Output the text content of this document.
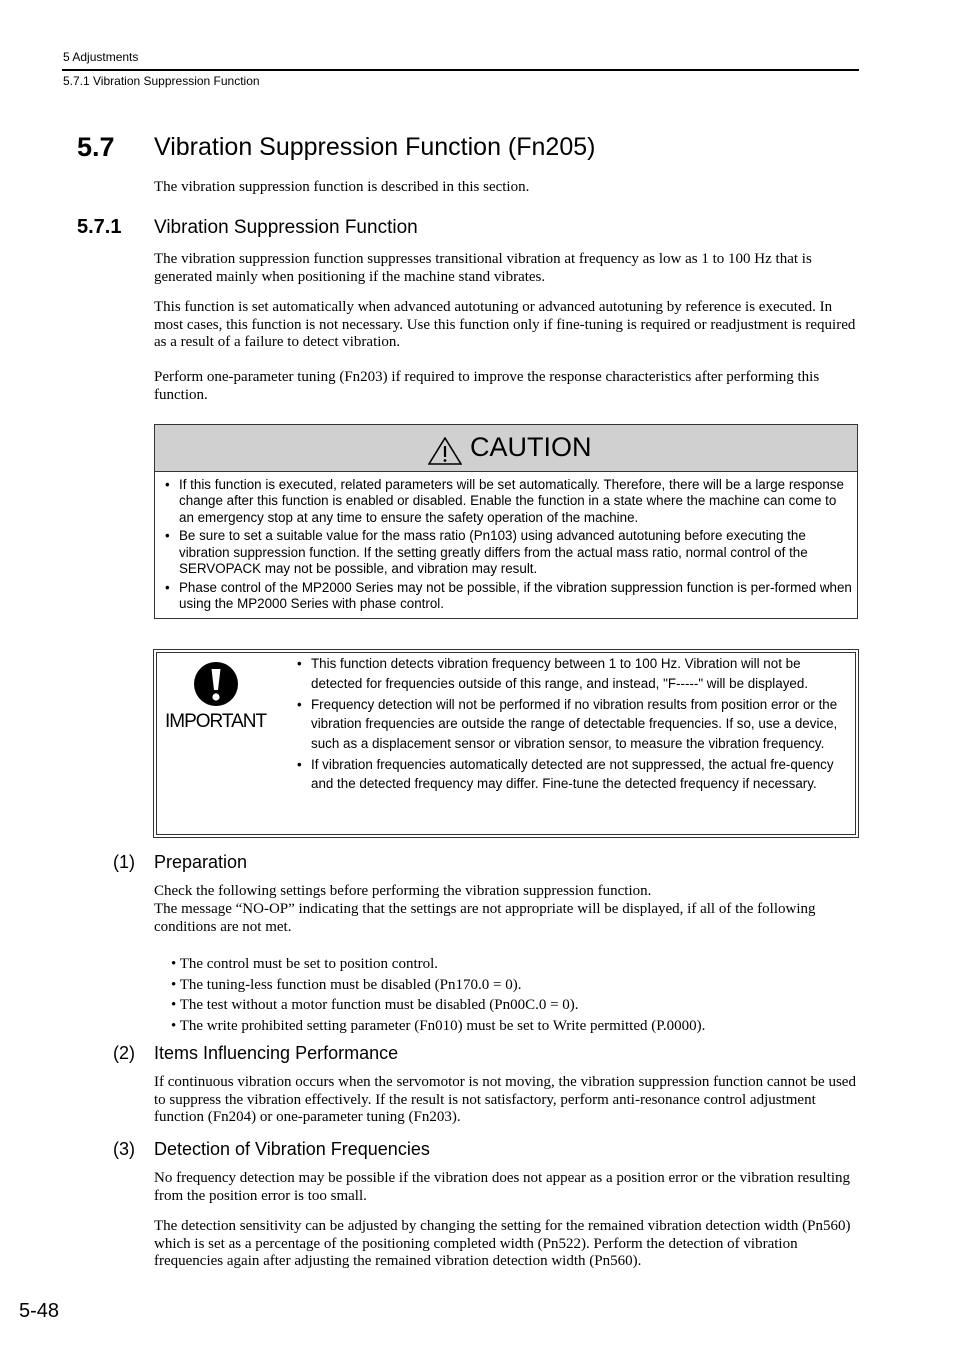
5 Adjustments
5.7.1 Vibration Suppression Function
5.7 Vibration Suppression Function (Fn205)
The vibration suppression function is described in this section.
5.7.1 Vibration Suppression Function
The vibration suppression function suppresses transitional vibration at frequency as low as 1 to 100 Hz that is generated mainly when positioning if the machine stand vibrates.
This function is set automatically when advanced autotuning or advanced autotuning by reference is executed. In most cases, this function is not necessary. Use this function only if fine-tuning is required or readjustment is required as a result of a failure to detect vibration.
Perform one-parameter tuning (Fn203) if required to improve the response characteristics after performing this function.
CAUTION
• If this function is executed, related parameters will be set automatically. Therefore, there will be a large response change after this function is enabled or disabled. Enable the function in a state where the machine can come to an emergency stop at any time to ensure the safety operation of the machine.
• Be sure to set a suitable value for the mass ratio (Pn103) using advanced autotuning before executing the vibration suppression function. If the setting greatly differs from the actual mass ratio, normal control of the SERVOPACK may not be possible, and vibration may result.
• Phase control of the MP2000 Series may not be possible, if the vibration suppression function is per-formed when using the MP2000 Series with phase control.
IMPORTANT
• This function detects vibration frequency between 1 to 100 Hz. Vibration will not be detected for frequencies outside of this range, and instead, "F-----" will be displayed.
• Frequency detection will not be performed if no vibration results from position error or the vibration frequencies are outside the range of detectable frequencies. If so, use a device, such as a displacement sensor or vibration sensor, to measure the vibration frequency.
• If vibration frequencies automatically detected are not suppressed, the actual fre-quency and the detected frequency may differ. Fine-tune the detected frequency if necessary.
(1) Preparation
Check the following settings before performing the vibration suppression function.
The message “NO-OP” indicating that the settings are not appropriate will be displayed, if all of the following conditions are not met.
• The control must be set to position control.
• The tuning-less function must be disabled (Pn170.0 = 0).
• The test without a motor function must be disabled (Pn00C.0 = 0).
• The write prohibited setting parameter (Fn010) must be set to Write permitted (P.0000).
(2) Items Influencing Performance
If continuous vibration occurs when the servomotor is not moving, the vibration suppression function cannot be used to suppress the vibration effectively. If the result is not satisfactory, perform anti-resonance control adjustment function (Fn204) or one-parameter tuning (Fn203).
(3) Detection of Vibration Frequencies
No frequency detection may be possible if the vibration does not appear as a position error or the vibration resulting from the position error is too small.
The detection sensitivity can be adjusted by changing the setting for the remained vibration detection width (Pn560) which is set as a percentage of the positioning completed width (Pn522). Perform the detection of vibration frequencies again after adjusting the remained vibration detection width (Pn560).
5-48
